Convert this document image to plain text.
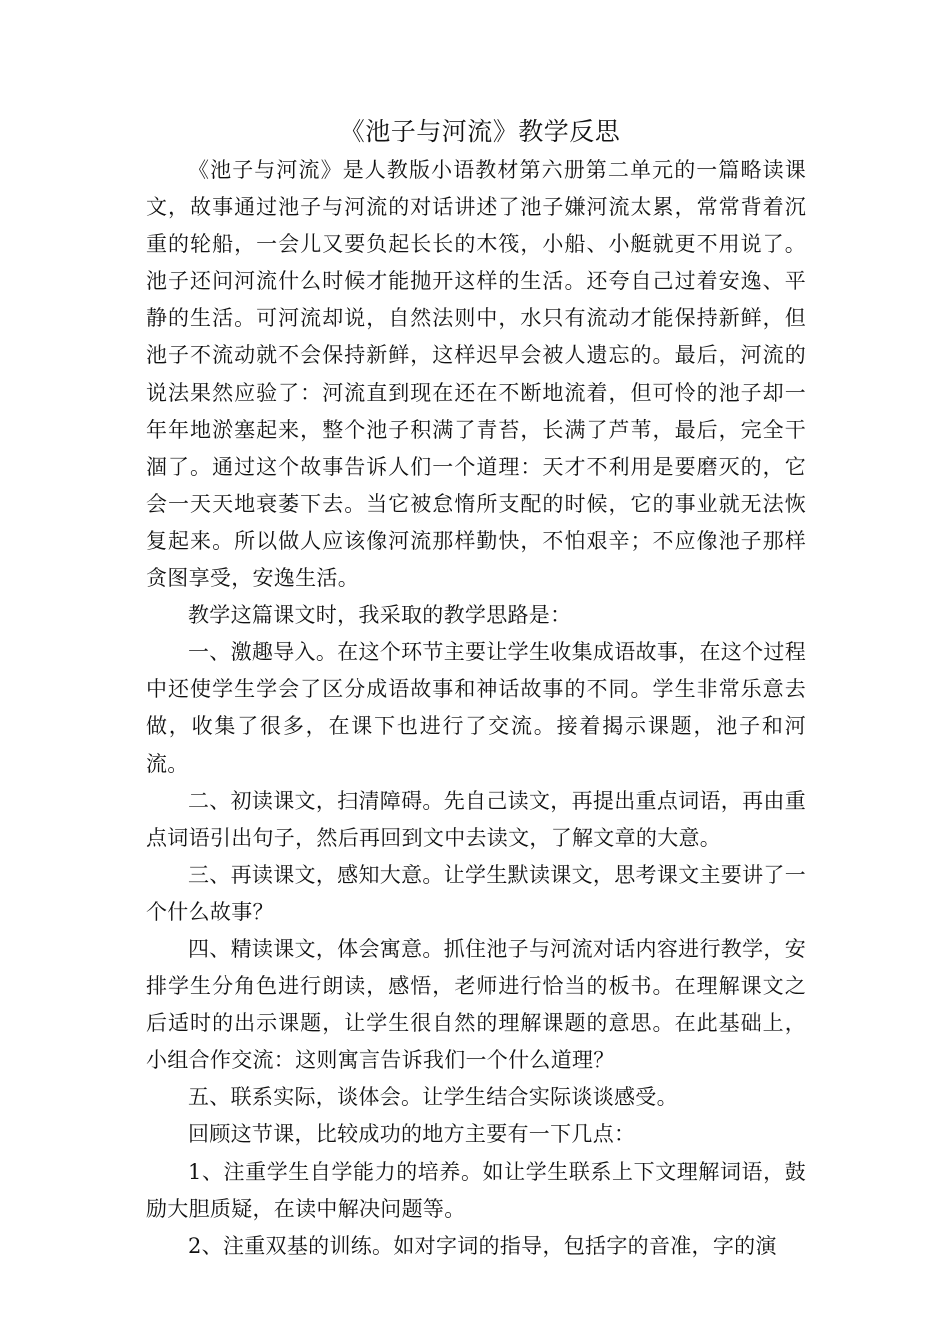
《池子与河流》教学反思

《池子与河流》是人教版小语教材第六册第二单元的一篇略读课文，故事通过池子与河流的对话讲述了池子嫌河流太累，常常背着沉重的轮船，一会儿又要负起长长的木筏，小船、小艇就更不用说了。池子还问河流什么时候才能抛开这样的生活。还夸自己过着安逸、平静的生活。可河流却说，自然法则中，水只有流动才能保持新鲜，但池子不流动就不会保持新鲜，这样迟早会被人遗忘的。最后，河流的说法果然应验了：河流直到现在还在不断地流着，但可怜的池子却一年年地淤塞起来，整个池子积满了青苔，长满了芦苇，最后，完全干涸了。通过这个故事告诉人们一个道理：天才不利用是要磨灭的，它会一天天地衰萎下去。当它被怠惰所支配的时候，它的事业就无法恢复起来。所以做人应该像河流那样勤快，不怕艰辛；不应像池子那样贪图享受，安逸生活。

教学这篇课文时，我采取的教学思路是：

一、激趣导入。在这个环节主要让学生收集成语故事，在这个过程中还使学生学会了区分成语故事和神话故事的不同。学生非常乐意去做，收集了很多，在课下也进行了交流。接着揭示课题，池子和河流。

二、初读课文，扫清障碍。先自己读文，再提出重点词语，再由重点词语引出句子，然后再回到文中去读文，了解文章的大意。

三、再读课文，感知大意。让学生默读课文，思考课文主要讲了一个什么故事？

四、精读课文，体会寓意。抓住池子与河流对话内容进行教学，安排学生分角色进行朗读，感悟，老师进行恰当的板书。在理解课文之后适时的出示课题，让学生很自然的理解课题的意思。在此基础上，小组合作交流：这则寓言告诉我们一个什么道理？

五、联系实际，谈体会。让学生结合实际谈谈感受。

回顾这节课，比较成功的地方主要有一下几点：

1、注重学生自学能力的培养。如让学生联系上下文理解词语，鼓励大胆质疑，在读中解决问题等。

2、注重双基的训练。如对字词的指导，包括字的音准，字的演
